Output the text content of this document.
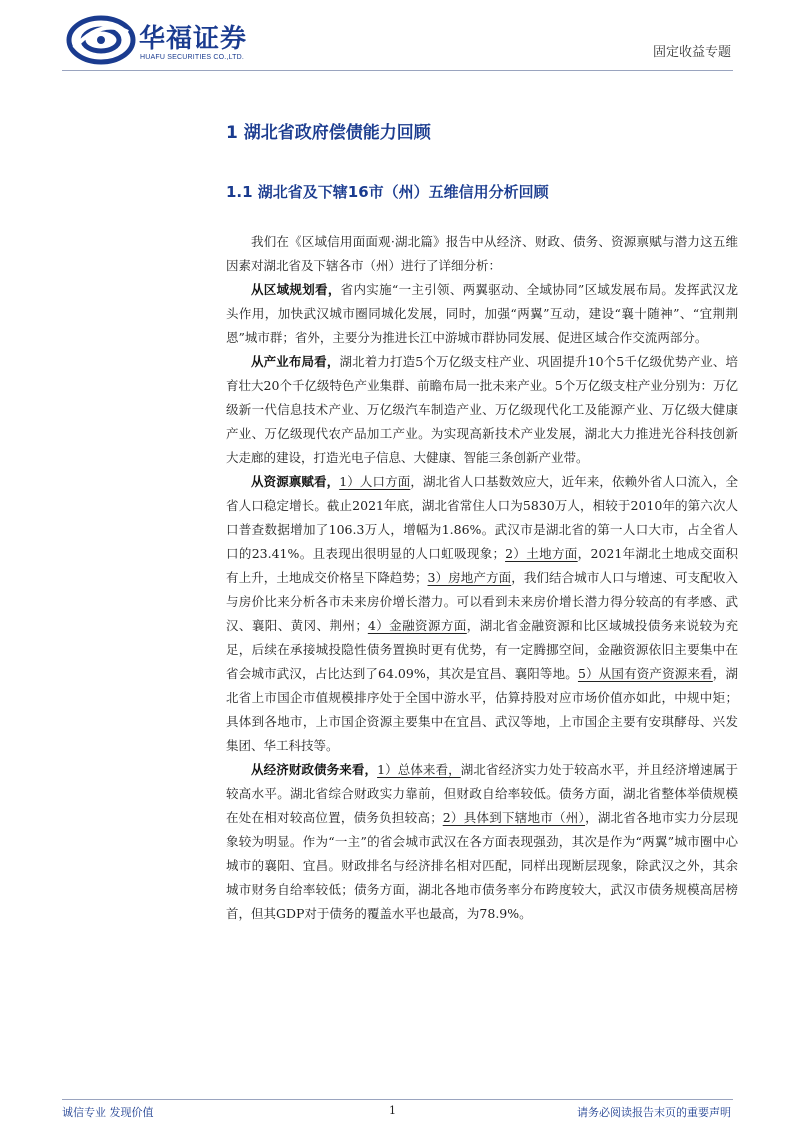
华福证券
HUAFU SECURITIES CO.,LTD.	固定收益专题
1 湖北省政府偿债能力回顾
1.1 湖北省及下辖16市（州）五维信用分析回顾

我们在《区域信用面面观·湖北篇》报告中从经济、财政、债务、资源禀赋与潜力这五维因素对湖北省及下辖各市（州）进行了详细分析：

从区域规划看，省内实施“一主引领、两翼驱动、全域协同”区域发展布局。发挥武汉龙头作用，加快武汉城市圈同城化发展，同时，加强“两翼”互动，建设“襄十随神”、“宜荆荆恩”城市群；省外，主要分为推进长江中游城市群协同发展、促进区域合作交流两部分。

从产业布局看，湖北着力打造5个万亿级支柱产业、巩固提升10个5千亿级优势产业、培育壮大20个千亿级特色产业集群、前瞻布局一批未来产业。5个万亿级支柱产业分别为：万亿级新一代信息技术产业、万亿级汽车制造产业、万亿级现代化工及能源产业、万亿级大健康产业、万亿级现代农产品加工产业。为实现高新技术产业发展，湖北大力推进光谷科技创新大走廊的建设，打造光电子信息、大健康、智能三条创新产业带。

从资源禀赋看，1）人口方面，湖北省人口基数效应大，近年来，依赖外省人口流入，全省人口稳定增长。截止2021年底，湖北省常住人口为5830万人，相较于2010年的第六次人口普查数据增加了106.3万人，增幅为1.86%。武汉市是湖北省的第一人口大市，占全省人口的23.41%。且表现出很明显的人口虹吸现象；2）土地方面，2021年湖北土地成交面积有上升，土地成交价格呈下降趋势；3）房地产方面，我们结合城市人口与增速、可支配收入与房价比来分析各市未来房价增长潜力。可以看到未来房价增长潜力得分较高的有孝感、武汉、襄阳、黄冈、荆州；4）金融资源方面，湖北省金融资源和比区域城投债务来说较为充足，后续在承接城投隐性债务置换时更有优势，有一定腾挪空间，金融资源依旧主要集中在省会城市武汉，占比达到了64.09%，其次是宜昌、襄阳等地。5）从国有资产资源来看，湖北省上市国企市值规模排序处于全国中游水平，估算持股对应市场价值亦如此，中规中矩；具体到各地市，上市国企资源主要集中在宜昌、武汉等地，上市国企主要有安琪酵母、兴发集团、华工科技等。

从经济财政债务来看，1）总体来看，湖北省经济实力处于较高水平，并且经济增速属于较高水平。湖北省综合财政实力靠前，但财政自给率较低。债务方面，湖北省整体举债规模在处在相对较高位置，债务负担较高；2）具体到下辖地市（州），湖北省各地市实力分层现象较为明显。作为“一主”的省会城市武汉在各方面表现强劲，其次是作为“两翼”城市圈中心城市的襄阳、宜昌。财政排名与经济排名相对匹配，同样出现断层现象，除武汉之外，其余城市财务自给率较低；债务方面，湖北各地市债务率分布跨度较大，武汉市债务规模高居榜首，但其GDP对于债务的覆盖水平也最高，为78.9%。

诚信专业 发现价值	1	请务必阅读报告末页的重要声明
